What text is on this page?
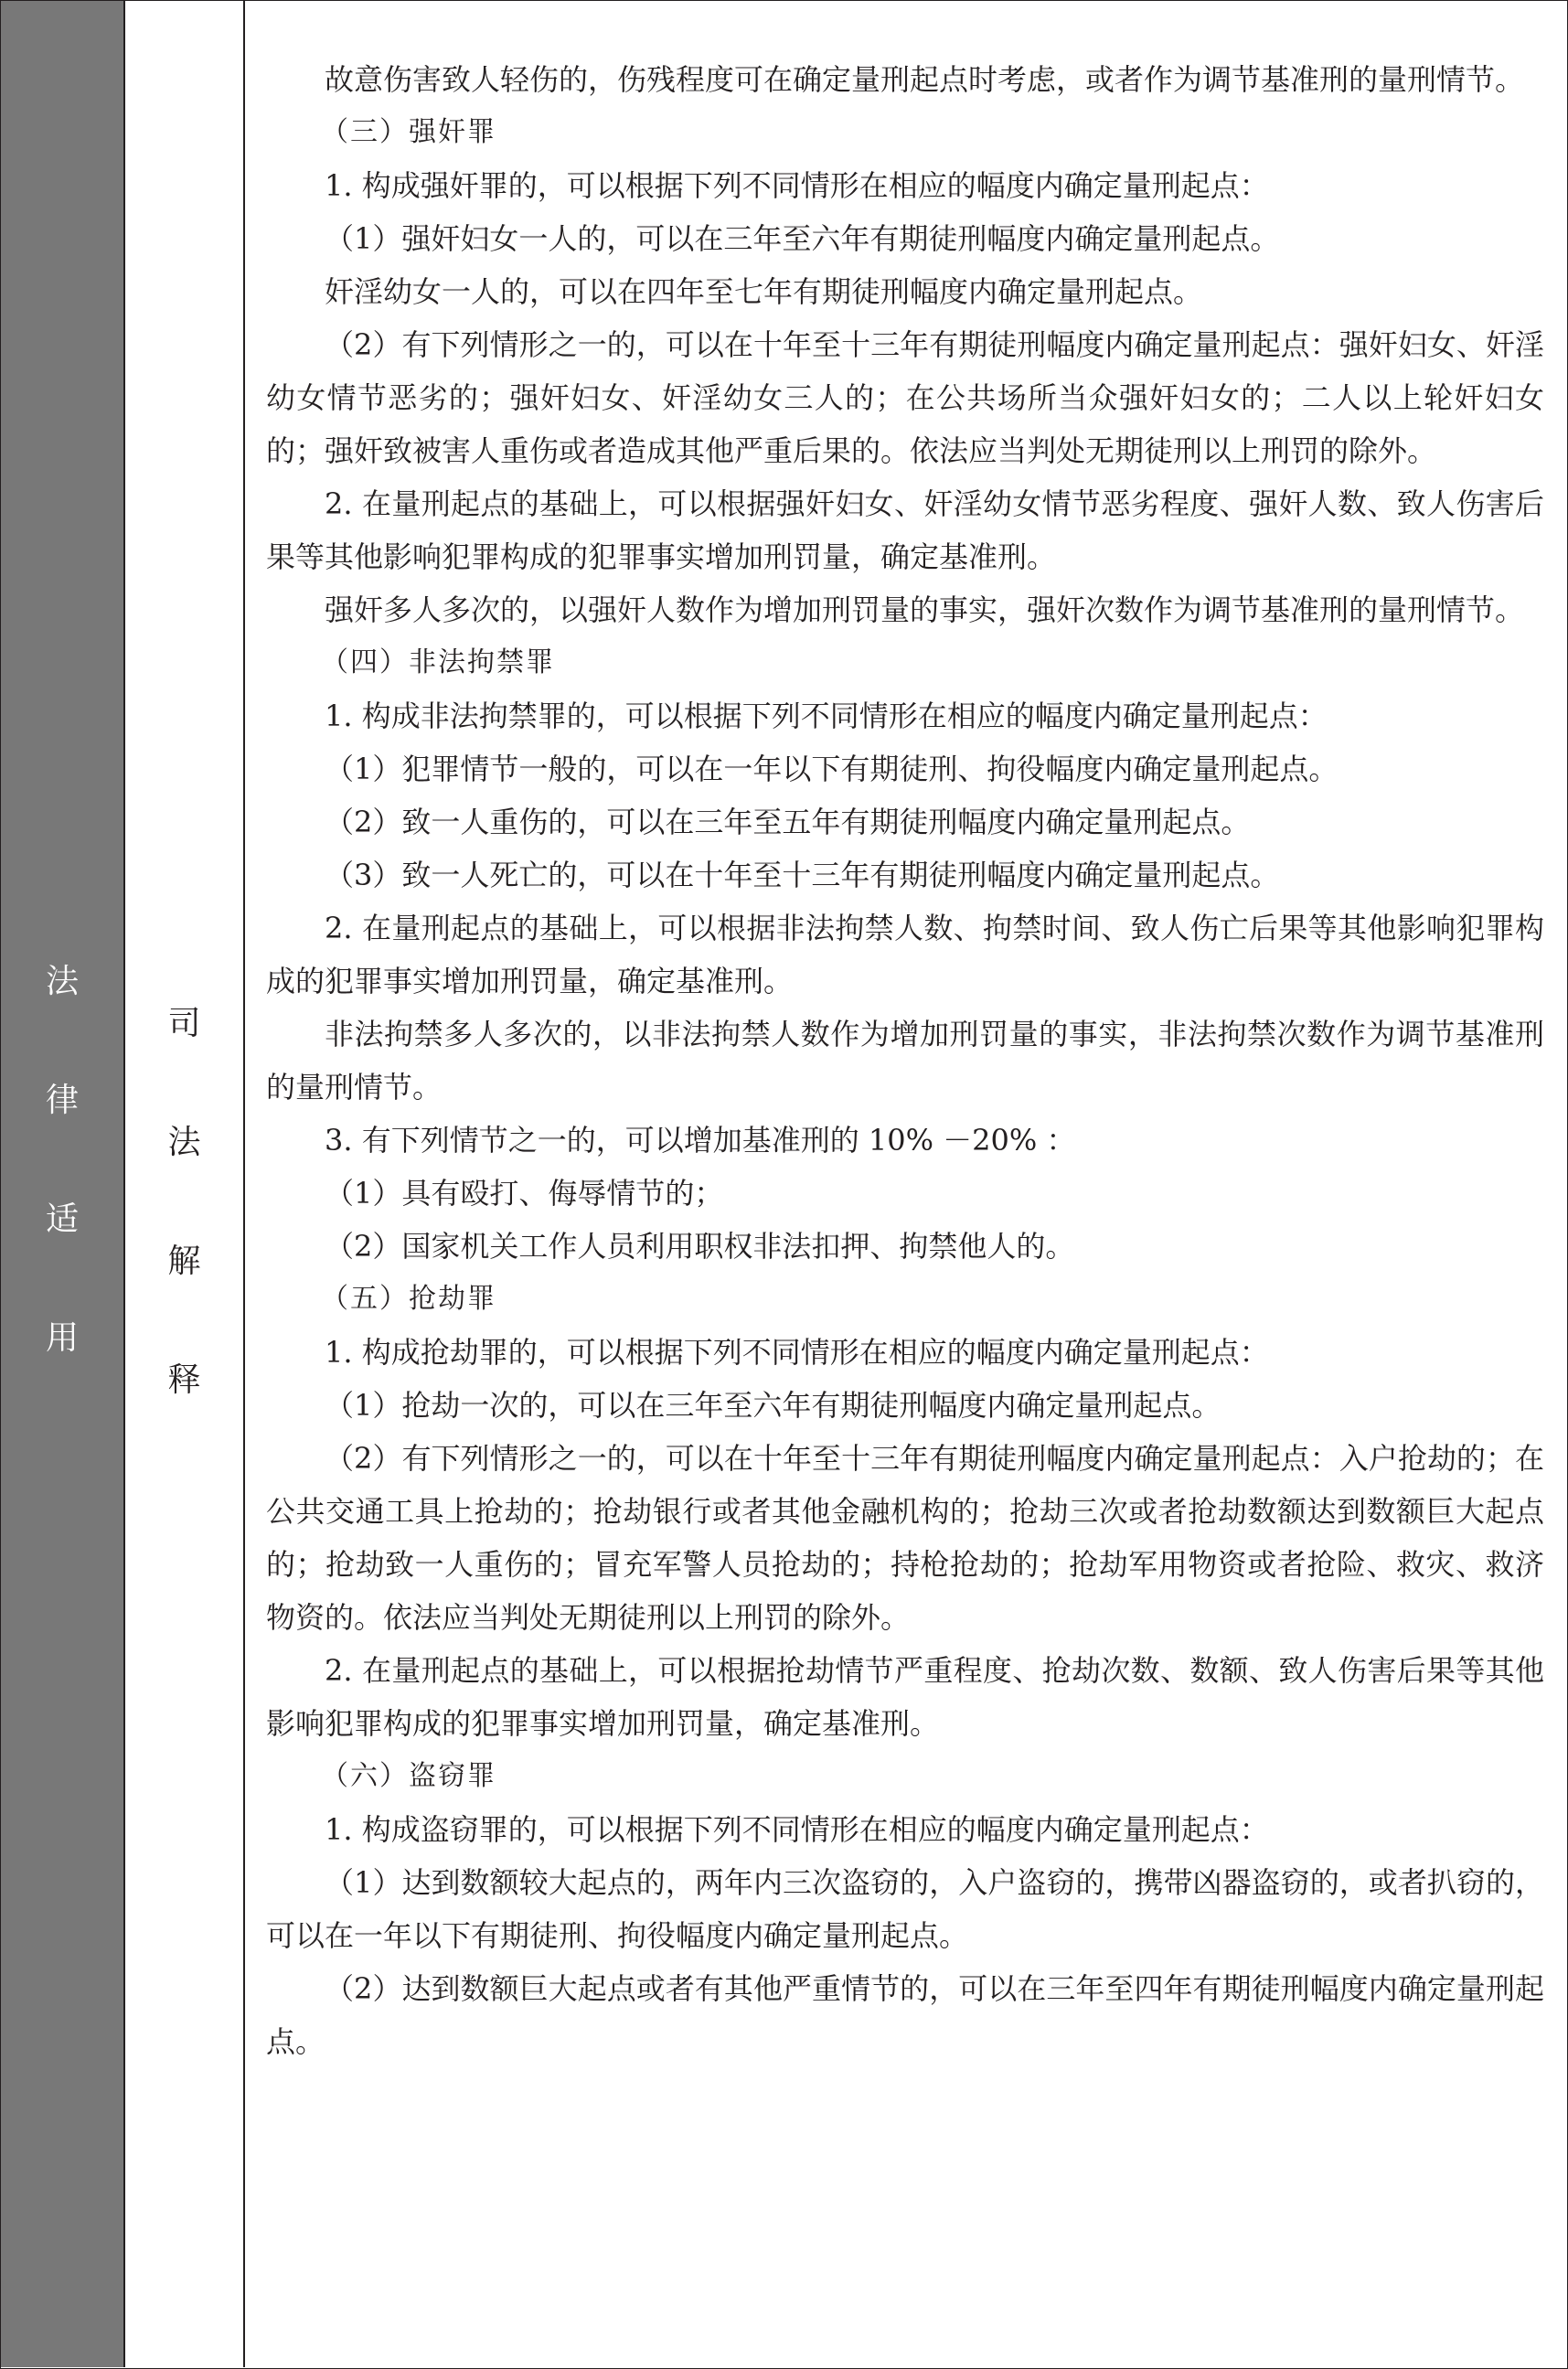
法
律
适
用
司
法
解
释

故意伤害致人轻伤的，伤残程度可在确定量刑起点时考虑，或者作为调节基准刑的量刑情节。

（三）强奸罪

1. 构成强奸罪的，可以根据下列不同情形在相应的幅度内确定量刑起点：

（1）强奸妇女一人的，可以在三年至六年有期徒刑幅度内确定量刑起点。

奸淫幼女一人的，可以在四年至七年有期徒刑幅度内确定量刑起点。

（2）有下列情形之一的，可以在十年至十三年有期徒刑幅度内确定量刑起点：强奸妇女、奸淫幼女情节恶劣的；强奸妇女、奸淫幼女三人的；在公共场所当众强奸妇女的；二人以上轮奸妇女的；强奸致被害人重伤或者造成其他严重后果的。依法应当判处无期徒刑以上刑罚的除外。

2. 在量刑起点的基础上，可以根据强奸妇女、奸淫幼女情节恶劣程度、强奸人数、致人伤害后果等其他影响犯罪构成的犯罪事实增加刑罚量，确定基准刑。

强奸多人多次的，以强奸人数作为增加刑罚量的事实，强奸次数作为调节基准刑的量刑情节。

（四）非法拘禁罪

1. 构成非法拘禁罪的，可以根据下列不同情形在相应的幅度内确定量刑起点：

（1）犯罪情节一般的，可以在一年以下有期徒刑、拘役幅度内确定量刑起点。

（2）致一人重伤的，可以在三年至五年有期徒刑幅度内确定量刑起点。

（3）致一人死亡的，可以在十年至十三年有期徒刑幅度内确定量刑起点。

2. 在量刑起点的基础上，可以根据非法拘禁人数、拘禁时间、致人伤亡后果等其他影响犯罪构成的犯罪事实增加刑罚量，确定基准刑。

非法拘禁多人多次的，以非法拘禁人数作为增加刑罚量的事实，非法拘禁次数作为调节基准刑的量刑情节。

3. 有下列情节之一的，可以增加基准刑的 10% －20% ：

（1）具有殴打、侮辱情节的；

（2）国家机关工作人员利用职权非法扣押、拘禁他人的。

（五）抢劫罪

1. 构成抢劫罪的，可以根据下列不同情形在相应的幅度内确定量刑起点：

（1）抢劫一次的，可以在三年至六年有期徒刑幅度内确定量刑起点。

（2）有下列情形之一的，可以在十年至十三年有期徒刑幅度内确定量刑起点：入户抢劫的；在公共交通工具上抢劫的；抢劫银行或者其他金融机构的；抢劫三次或者抢劫数额达到数额巨大起点的；抢劫致一人重伤的；冒充军警人员抢劫的；持枪抢劫的；抢劫军用物资或者抢险、救灾、救济物资的。依法应当判处无期徒刑以上刑罚的除外。

2. 在量刑起点的基础上，可以根据抢劫情节严重程度、抢劫次数、数额、致人伤害后果等其他影响犯罪构成的犯罪事实增加刑罚量，确定基准刑。

（六）盗窃罪

1. 构成盗窃罪的，可以根据下列不同情形在相应的幅度内确定量刑起点：

（1）达到数额较大起点的，两年内三次盗窃的，入户盗窃的，携带凶器盗窃的，或者扒窃的，可以在一年以下有期徒刑、拘役幅度内确定量刑起点。

（2）达到数额巨大起点或者有其他严重情节的，可以在三年至四年有期徒刑幅度内确定量刑起点。
